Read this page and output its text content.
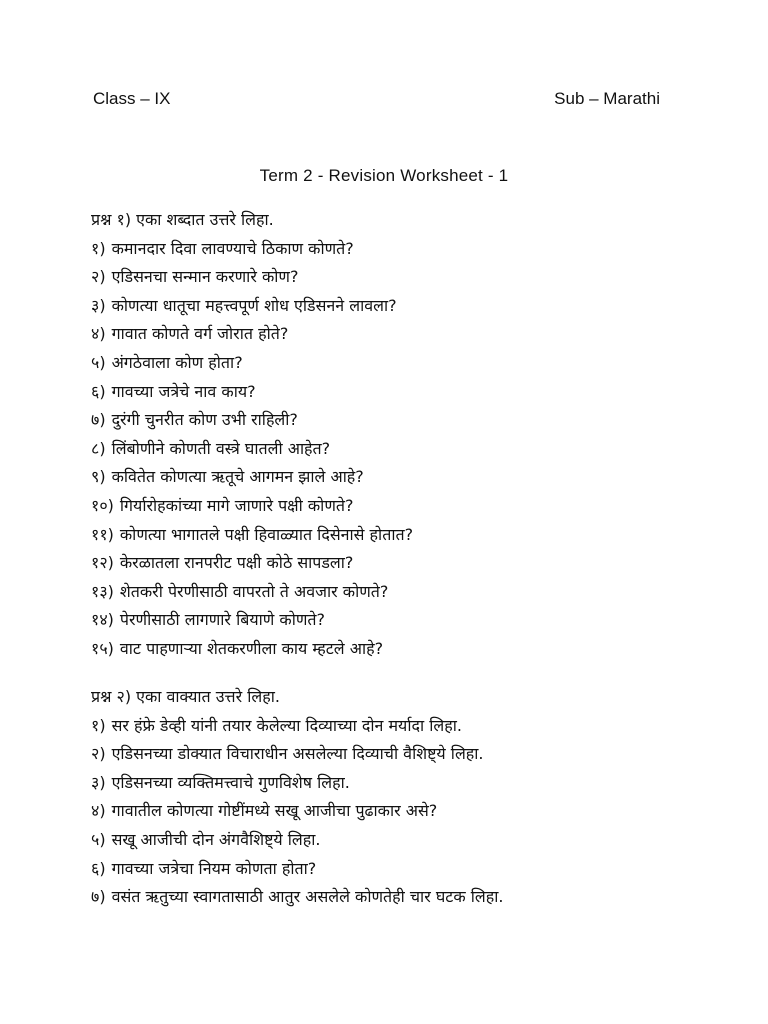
Class – IX	Sub – Marathi
Term 2 - Revision Worksheet - 1
प्रश्न १) एका शब्दात उत्तरे लिहा.
१) कमानदार दिवा लावण्याचे ठिकाण कोणते?
२) एडिसनचा सन्मान करणारे कोण?
३) कोणत्या धातूचा महत्त्वपूर्ण शोध एडिसनने लावला?
४) गावात कोणते वर्ग जोरात होते?
५) अंगठेवाला कोण होता?
६) गावच्या जत्रेचे नाव काय?
७) दुरंगी चुनरीत कोण उभी राहिली?
८) लिंबोणीने कोणती वस्त्रे घातली आहेत?
९) कवितेत कोणत्या ऋतूचे आगमन झाले आहे?
१०) गिर्यारोहकांच्या मागे जाणारे पक्षी कोणते?
११) कोणत्या भागातले पक्षी हिवाळ्यात दिसेनासे होतात?
१२) केरळातला रानपरीट पक्षी कोठे सापडला?
१३) शेतकरी पेरणीसाठी वापरतो ते अवजार कोणते?
१४) पेरणीसाठी लागणारे बियाणे कोणते?
१५) वाट पाहणाऱ्या शेतकरणीला काय म्हटले आहे?
प्रश्न २) एका वाक्यात उत्तरे लिहा.
१) सर हंफ्रे डेव्ही यांनी तयार केलेल्या दिव्याच्या दोन मर्यादा लिहा.
२) एडिसनच्या डोक्यात विचाराधीन असलेल्या दिव्याची वैशिष्ट्ये लिहा.
३) एडिसनच्या व्यक्तिमत्त्वाचे गुणविशेष लिहा.
४) गावातील कोणत्या गोष्टींमध्ये सखू आजीचा पुढाकार असे?
५) सखू आजीची दोन अंगवैशिष्ट्ये लिहा.
६) गावच्या जत्रेचा नियम कोणता होता?
७) वसंत ऋतुच्या स्वागतासाठी आतुर असलेले कोणतेही चार घटक लिहा.
